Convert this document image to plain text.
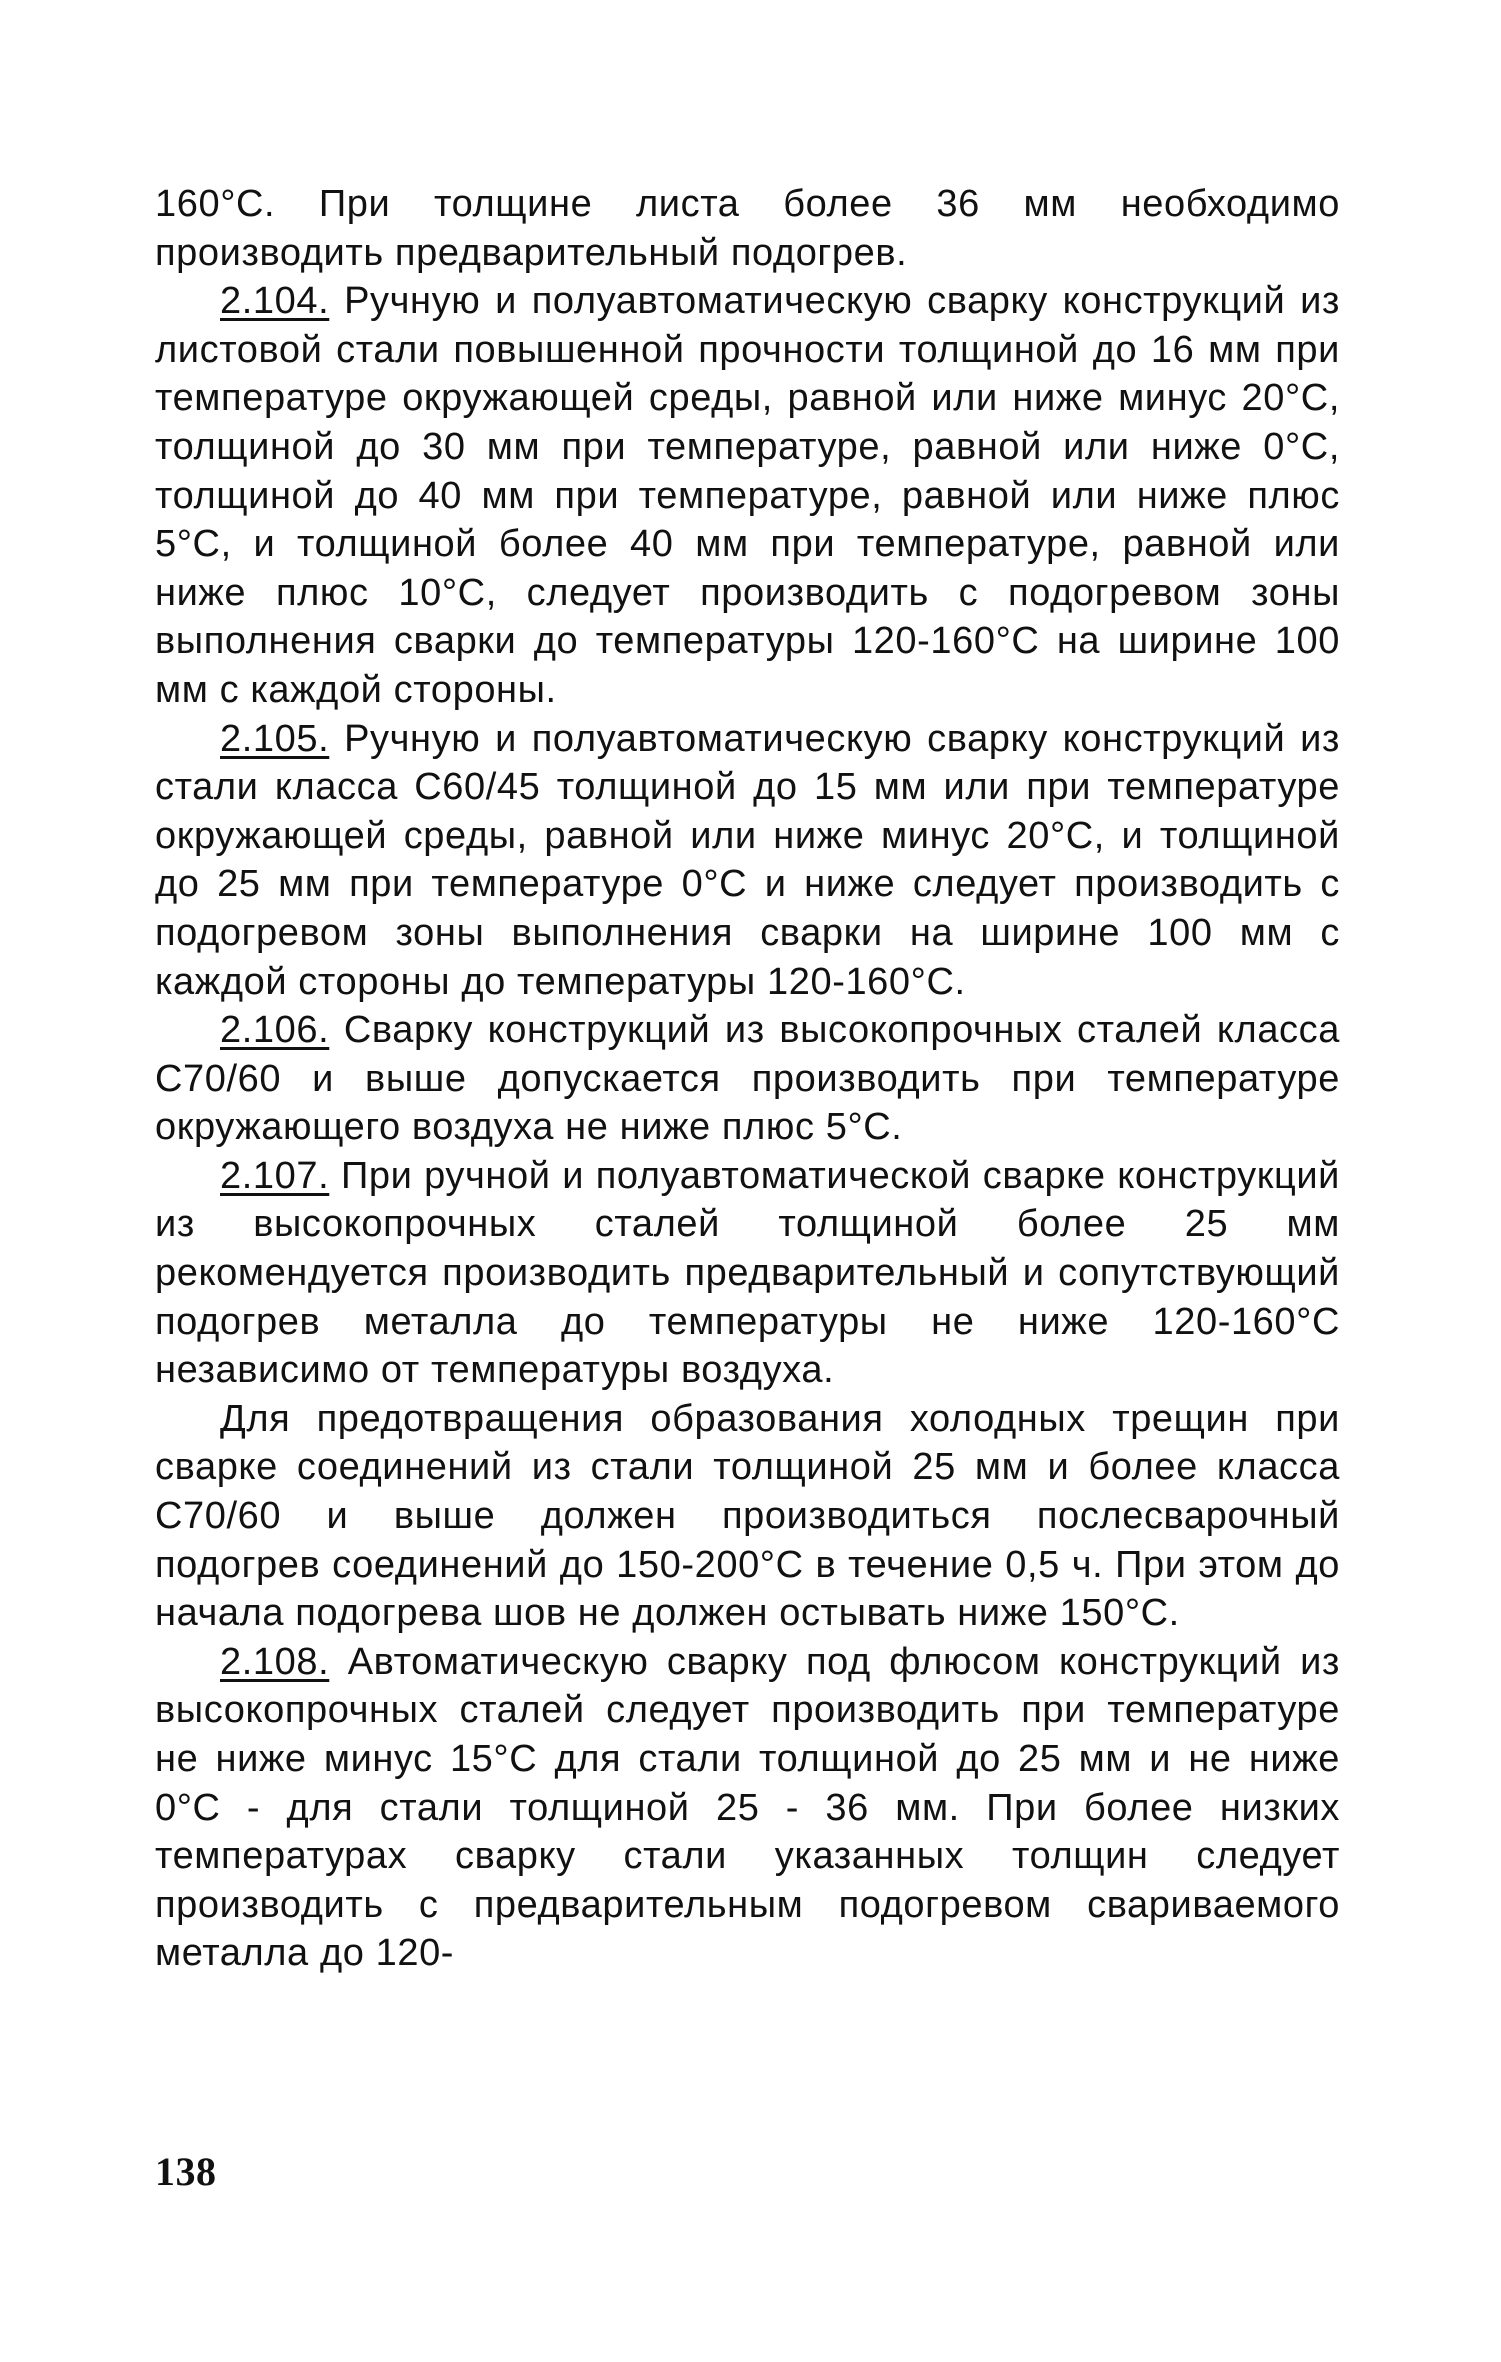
160°С. При толщине листа более 36 мм необходимо производить предварительный подогрев.

2.104. Ручную и полуавтоматическую сварку конструкций из листовой стали повышенной прочности толщиной до 16 мм при температуре окружающей среды, равной или ниже минус 20°С, толщиной до 30 мм при температуре, равной или ниже 0°С, толщиной до 40 мм при температуре, равной или ниже плюс 5°С, и толщиной более 40 мм при температуре, равной или ниже плюс 10°С, следует производить с подогревом зоны выполнения сварки до температуры 120-160°С на ширине 100 мм с каждой стороны.

2.105. Ручную и полуавтоматическую сварку конструкций из стали класса С60/45 толщиной до 15 мм или при температуре окружающей среды, равной или ниже минус 20°С, и толщиной до 25 мм при температуре 0°С и ниже следует производить с подогревом зоны выполнения сварки на ширине 100 мм с каждой стороны до температуры 120-160°С.

2.106. Сварку конструкций из высокопрочных сталей класса С70/60 и выше допускается производить при температуре окружающего воздуха не ниже плюс 5°С.

2.107. При ручной и полуавтоматической сварке конструкций из высокопрочных сталей толщиной более 25 мм рекомендуется производить предварительный и сопутствующий подогрев металла до температуры не ниже 120-160°С независимо от температуры воздуха.

Для предотвращения образования холодных трещин при сварке соединений из стали толщиной 25 мм и более класса С70/60 и выше должен производиться послесварочный подогрев соединений до 150-200°С в течение 0,5 ч. При этом до начала подогрева шов не должен остывать ниже 150°С.

2.108. Автоматическую сварку под флюсом конструкций из высокопрочных сталей следует производить при температуре не ниже минус 15°С для стали толщиной до 25 мм и не ниже 0°С - для стали толщиной 25 - 36 мм. При более низких температурах сварку стали указанных толщин следует производить с предварительным подогревом свариваемого металла до 120-

138
